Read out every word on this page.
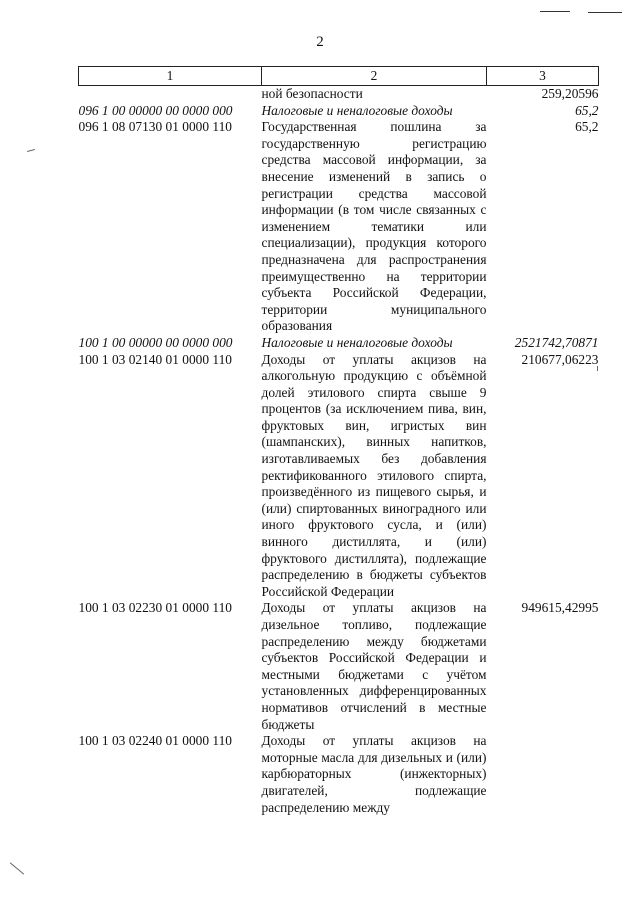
2
1	2	3
	ной безопасности	259,20596
096 1 00 00000 00 0000 000	Налоговые и неналоговые доходы	65,2
096 1 08 07130 01 0000 110	Государственная пошлина за государственную регистрацию средства массовой информации, за внесение изменений в запись о регистрации средства массовой информации (в том числе связанных с изменением тематики или специализации), продукция которого предназначена для распространения преимущественно на территории субъекта Российской Федерации, территории муниципального образования	65,2
100 1 00 00000 00 0000 000	Налоговые и неналоговые доходы	2521742,70871
100 1 03 02140 01 0000 110	Доходы от уплаты акцизов на алкогольную продукцию с объёмной долей этилового спирта свыше 9 процентов (за исключением пива, вин, фруктовых вин, игристых вин (шампанских), винных напитков, изготавливаемых без добавления ректификованного этилового спирта, произведённого из пищевого сырья, и (или) спиртованных виноградного или иного фруктового сусла, и (или) винного дистиллята, и (или) фруктового дистиллята), подлежащие распределению в бюджеты субъектов Российской Федерации	210677,06223
100 1 03 02230 01 0000 110	Доходы от уплаты акцизов на дизельное топливо, подлежащие распределению между бюджетами субъектов Российской Федерации и местными бюджетами с учётом установленных дифференцированных нормативов отчислений в местные бюджеты	949615,42995
100 1 03 02240 01 0000 110	Доходы от уплаты акцизов на моторные масла для дизельных и (или) карбюраторных (инжекторных) двигателей, подлежащие распределению между	
